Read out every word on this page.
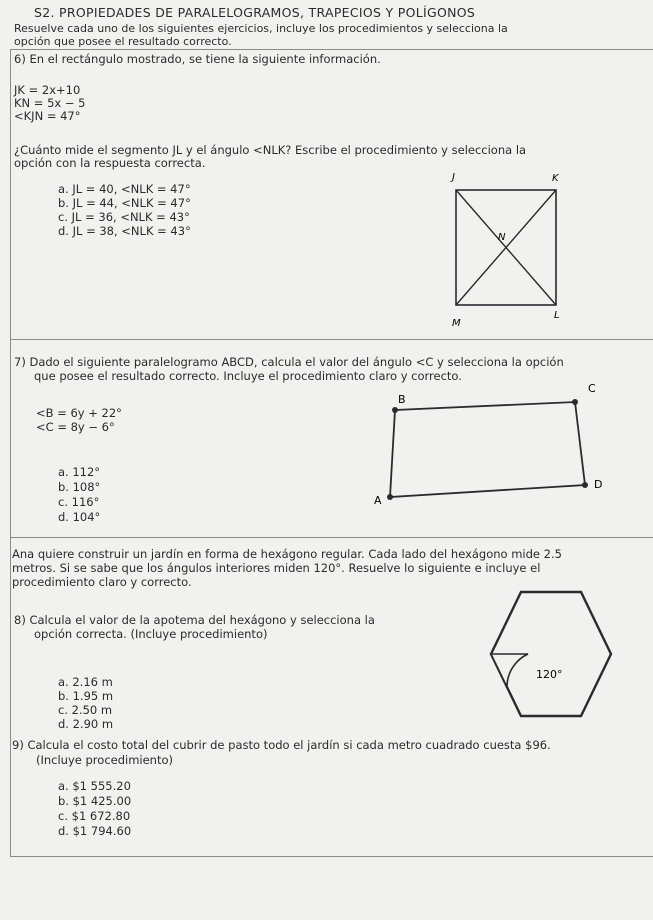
S2. PROPIEDADES DE PARALELOGRAMOS, TRAPECIOS Y POLÍGONOS
Resuelve cada uno de los siguientes ejercicios, incluye los procedimientos y selecciona la
opción que posee el resultado correcto.
6) En el rectángulo mostrado, se tiene la siguiente información.
JK = 2x+10
KN = 5x − 5
<KJN = 47°
¿Cuánto mide el segmento JL y el ángulo <NLK? Escribe el procedimiento y selecciona la
opción con la respuesta correcta.
a. JL = 40, <NLK = 47°
b. JL = 44, <NLK = 47°
c. JL = 36, <NLK = 43°
d. JL = 38, <NLK = 43°
J	K
N
M
L
7) Dado el siguiente paralelogramo ABCD, calcula el valor del ángulo <C y selecciona la opción
que posee el resultado correcto. Incluye el procedimiento claro y correcto.
<B = 6y + 22°
<C = 8y − 6°
a. 112°
b. 108°
c. 116°
d. 104°
B
C
D
A
Ana quiere construir un jardín en forma de hexágono regular. Cada lado del hexágono mide 2.5
metros. Si se sabe que los ángulos interiores miden 120°. Resuelve lo siguiente e incluye el
procedimiento claro y correcto.
8) Calcula el valor de la apotema del hexágono y selecciona la
opción correcta. (Incluye procedimiento)
a. 2.16 m
b. 1.95 m
c. 2.50 m
d. 2.90 m
120°
9) Calcula el costo total del cubrir de pasto todo el jardín si cada metro cuadrado cuesta $96.
(Incluye procedimiento)
a. $1 555.20
b. $1 425.00
c. $1 672.80
d. $1 794.60
